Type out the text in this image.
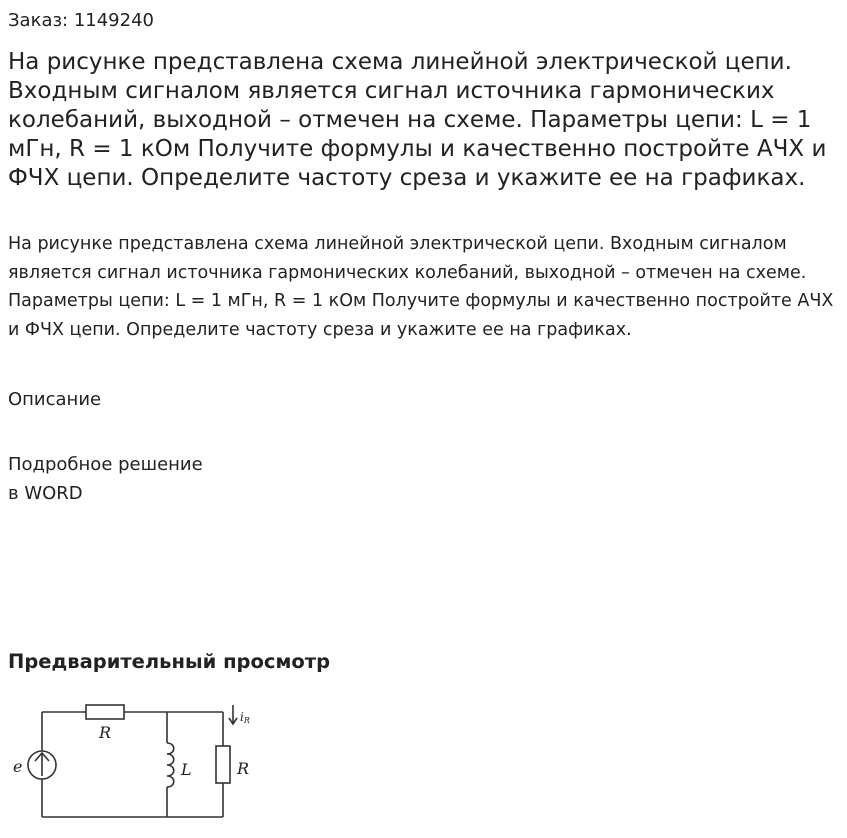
Заказ: 1149240
На рисунке представлена схема линейной электрической цепи. Входным сигналом является сигнал источника гармонических колебаний, выходной – отмечен на схеме. Параметры цепи: L = 1 мГн, R = 1 кОм Получите формулы и качественно постройте АЧХ и ФЧХ цепи. Определите частоту среза и укажите ее на графиках.

На рисунке представлена схема линейной электрической цепи. Входным сигналом является сигнал источника гармонических колебаний, выходной – отмечен на схеме. Параметры цепи: L = 1 мГн, R = 1 кОм Получите формулы и качественно постройте АЧХ и ФЧХ цепи. Определите частоту среза и укажите ее на графиках.

Описание
Подробное решение
в WORD
Предварительный просмотр
e
R
L	R
iR
